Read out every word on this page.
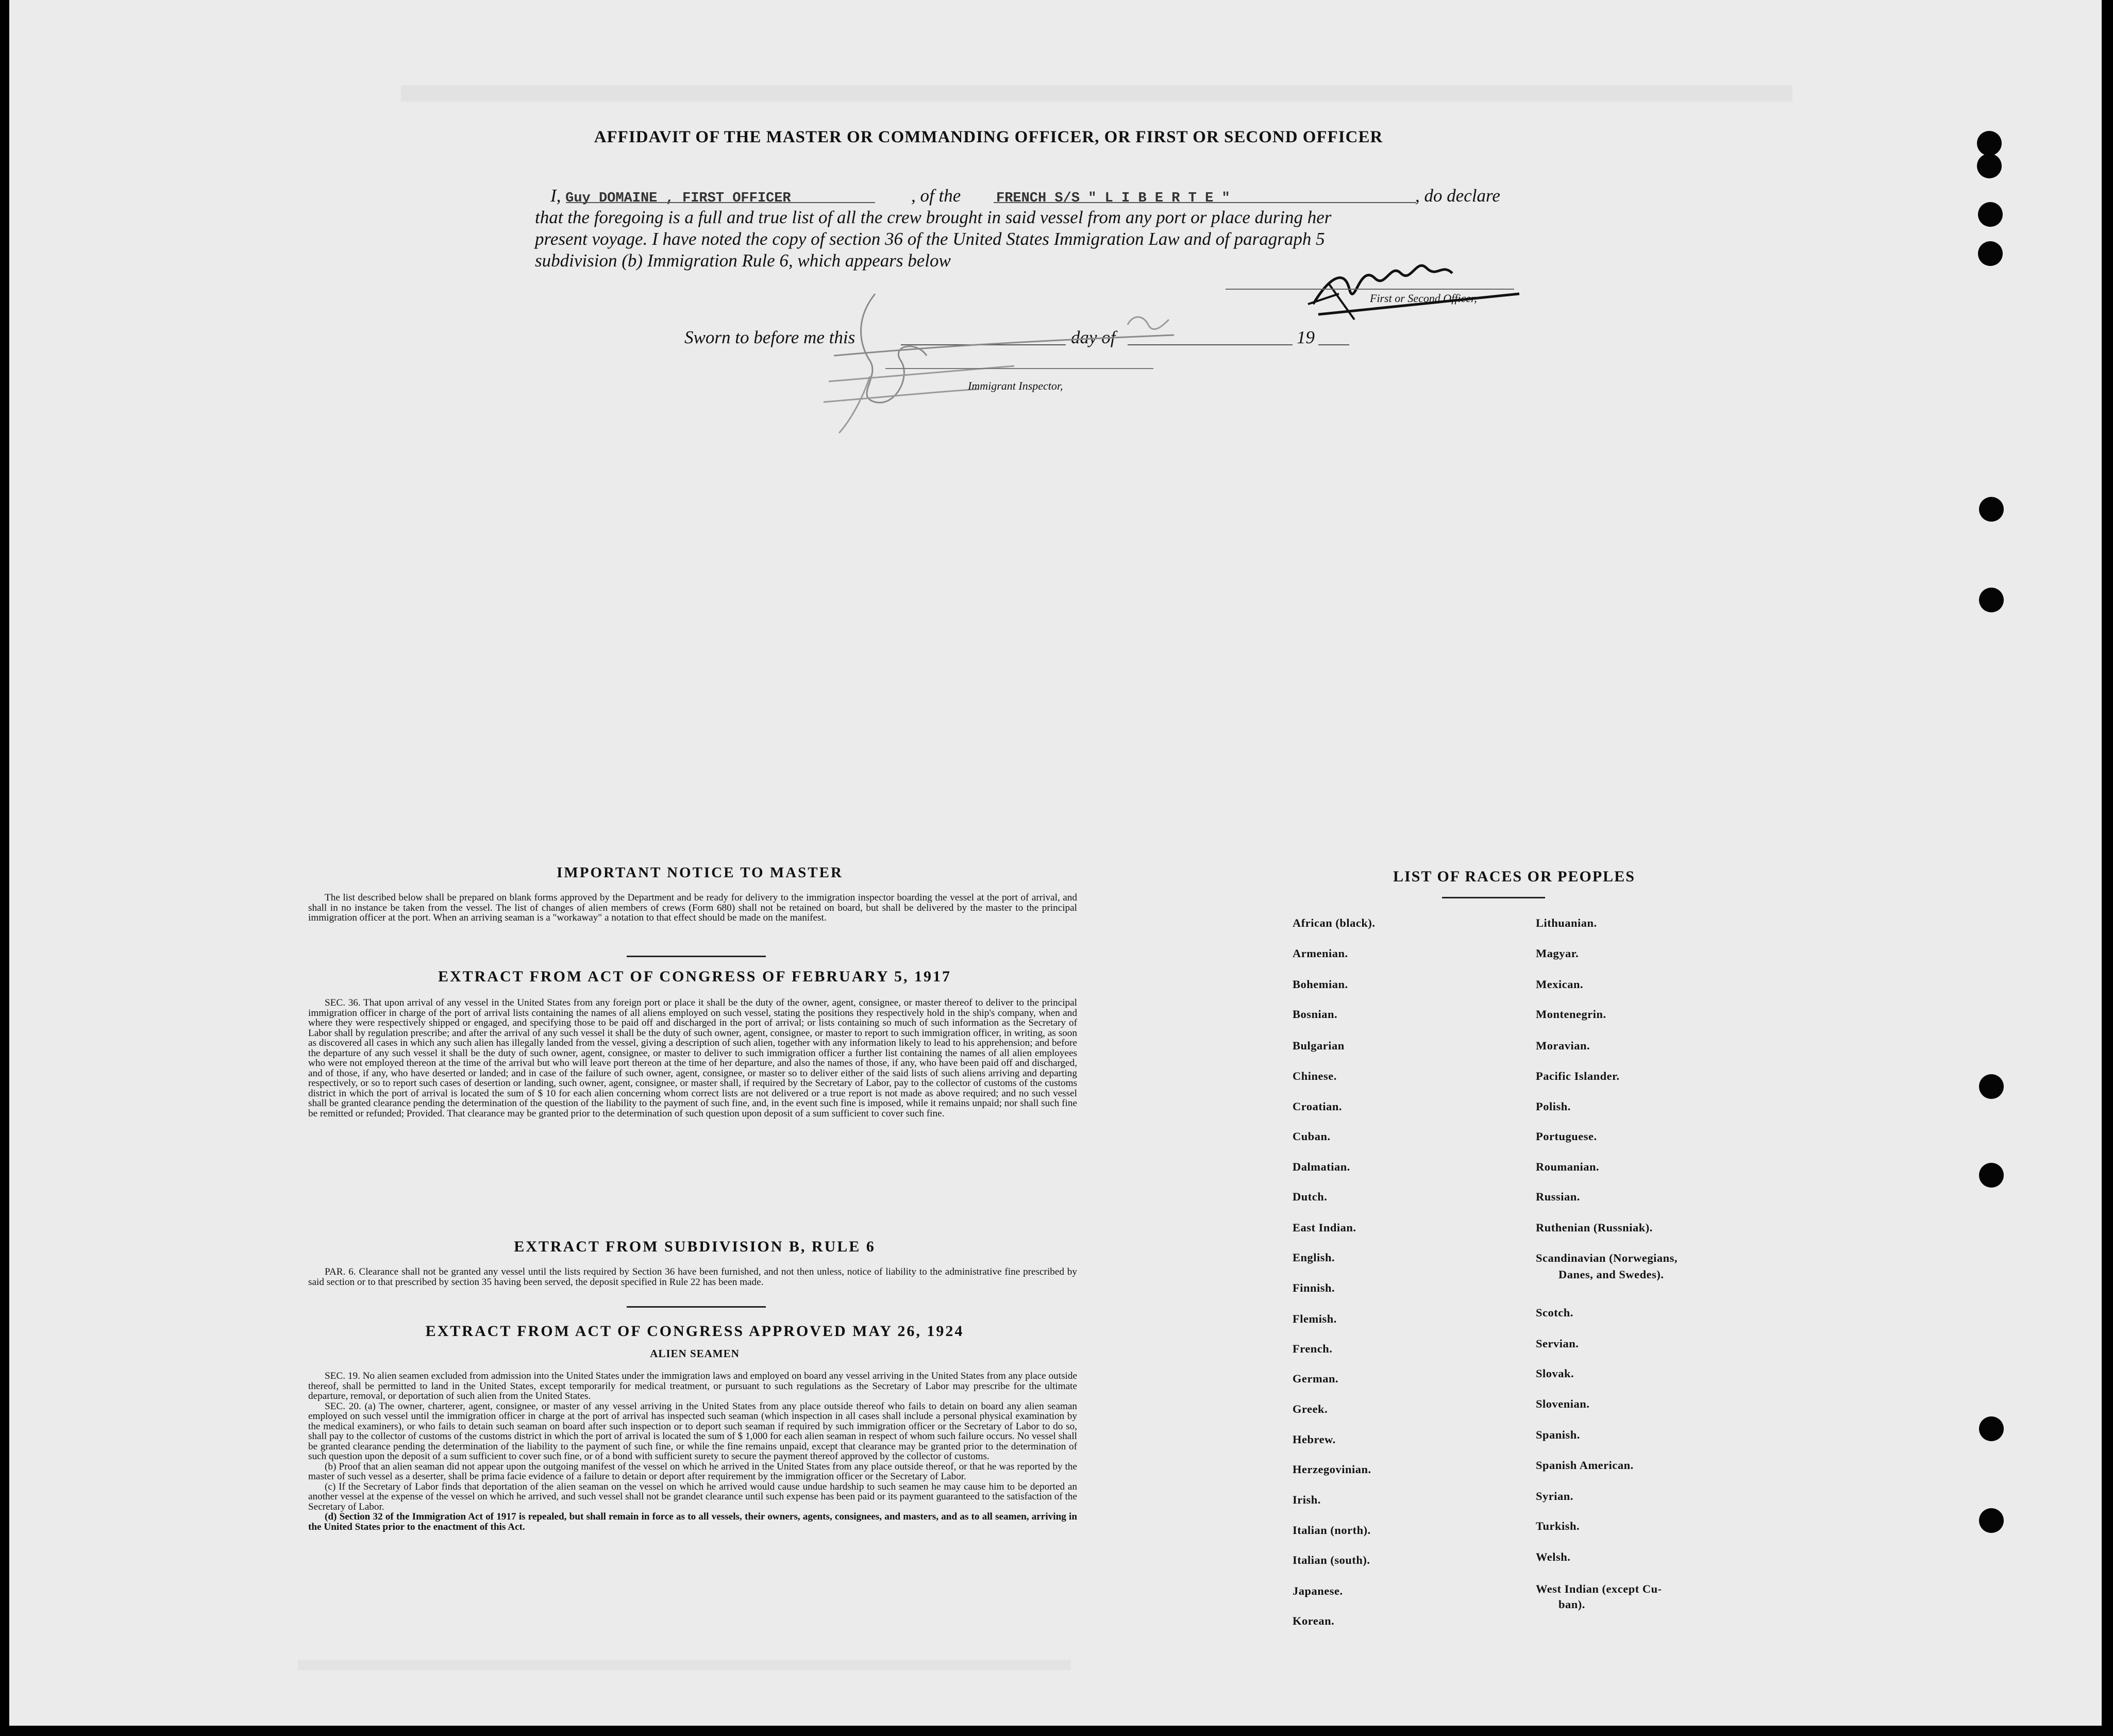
AFFIDAVIT OF THE MASTER OR COMMANDING OFFICER, OR FIRST OR SECOND OFFICER
I, Guy DOMAINE , FIRST OFFICER	, of the	FRENCH S/S " L I B E R T E "	, do declare
that the foregoing is a full and true list of all the crew brought in said vessel from any port or place during her
present voyage. I have noted the copy of section 36 of the United States Immigration Law and of paragraph 5
subdivision (b) Immigration Rule 6, which appears below
First or Second Officer,
Sworn to before me this	day of	19
Immigrant Inspector,
IMPORTANT NOTICE TO MASTER

The list described below shall be prepared on blank forms approved by the Department and be ready for delivery to the immigration inspector boarding the vessel at the port of arrival, and shall in no instance be taken from the vessel. The list of changes of alien members of crews (Form 680) shall not be retained on board, but shall be delivered by the master to the principal immigration officer at the port. When an arriving seaman is a "workaway" a notation to that effect should be made on the manifest.

EXTRACT FROM ACT OF CONGRESS OF FEBRUARY 5, 1917

SEC. 36. That upon arrival of any vessel in the United States from any foreign port or place it shall be the duty of the owner, agent, consignee, or master thereof to deliver to the principal immigration officer in charge of the port of arrival lists containing the names of all aliens employed on such vessel, stating the positions they respectively hold in the ship's company, when and where they were respectively shipped or engaged, and specifying those to be paid off and discharged in the port of arrival; or lists containing so much of such information as the Secretary of Labor shall by regulation prescribe; and after the arrival of any such vessel it shall be the duty of such owner, agent, consignee, or master to report to such immigration officer, in writing, as soon as discovered all cases in which any such alien has illegally landed from the vessel, giving a description of such alien, together with any information likely to lead to his apprehension; and before the departure of any such vessel it shall be the duty of such owner, agent, consignee, or master to deliver to such immigration officer a further list containing the names of all alien employees who were not employed thereon at the time of the arrival but who will leave port thereon at the time of her departure, and also the names of those, if any, who have been paid off and discharged, and of those, if any, who have deserted or landed; and in case of the failure of such owner, agent, consignee, or master so to deliver either of the said lists of such aliens arriving and departing respectively, or so to report such cases of desertion or landing, such owner, agent, consignee, or master shall, if required by the Secretary of Labor, pay to the collector of customs of the customs district in which the port of arrival is located the sum of $ 10 for each alien concerning whom correct lists are not delivered or a true report is not made as above required; and no such vessel shall be granted clearance pending the determination of the question of the liability to the payment of such fine, and, in the event such fine is imposed, while it remains unpaid; nor shall such fine be remitted or refunded; Provided. That clearance may be granted prior to the determination of such question upon deposit of a sum sufficient to cover such fine.

EXTRACT FROM SUBDIVISION B, RULE 6

PAR. 6. Clearance shall not be granted any vessel until the lists required by Section 36 have been furnished, and not then unless, notice of liability to the administrative fine prescribed by said section or to that prescribed by section 35 having been served, the deposit specified in Rule 22 has been made.

EXTRACT FROM ACT OF CONGRESS APPROVED MAY 26, 1924
ALIEN SEAMEN

SEC. 19. No alien seamen excluded from admission into the United States under the immigration laws and employed on board any vessel arriving in the United States from any place outside thereof, shall be permitted to land in the United States, except temporarily for medical treatment, or pursuant to such regulations as the Secretary of Labor may prescribe for the ultimate departure, removal, or deportation of such alien from the United States.

SEC. 20. (a) The owner, charterer, agent, consignee, or master of any vessel arriving in the United States from any place outside thereof who fails to detain on board any alien seaman employed on such vessel until the immigration officer in charge at the port of arrival has inspected such seaman (which inspection in all cases shall include a personal physical examination by the medical examiners), or who fails to detain such seaman on board after such inspection or to deport such seaman if required by such immigration officer or the Secretary of Labor to do so, shall pay to the collector of customs of the customs district in which the port of arrival is located the sum of $ 1,000 for each alien seaman in respect of whom such failure occurs. No vessel shall be granted clearance pending the determination of the liability to the payment of such fine, or while the fine remains unpaid, except that clearance may be granted prior to the determination of such question upon the deposit of a sum sufficient to cover such fine, or of a bond with sufficient surety to secure the payment thereof approved by the collector of customs.

(b) Proof that an alien seaman did not appear upon the outgoing manifest of the vessel on which he arrived in the United States from any place outside thereof, or that he was reported by the master of such vessel as a deserter, shall be prima facie evidence of a failure to detain or deport after requirement by the immigration officer or the Secretary of Labor.

(c) If the Secretary of Labor finds that deportation of the alien seaman on the vessel on which he arrived would cause undue hardship to such seamen he may cause him to be deported an another vessel at the expense of the vessel on which he arrived, and such vessel shall not be grandet clearance until such expense has been paid or its payment guaranteed to the satisfaction of the Secretary of Labor.

(d) Section 32 of the Immigration Act of 1917 is repealed, but shall remain in force as to all vessels, their owners, agents, consignees, and masters, and as to all seamen, arriving in the United States prior to the enactment of this Act.

LIST OF RACES OR PEOPLES
African (black).
Armenian.
Bohemian.
Bosnian.
Bulgarian
Chinese.
Croatian.
Cuban.
Dalmatian.
Dutch.
East Indian.
English.
Finnish.
Flemish.
French.
German.
Greek.
Hebrew.
Herzegovinian.
Irish.
Italian (north).
Italian (south).
Japanese.
Korean.
Lithuanian.
Magyar.
Mexican.
Montenegrin.
Moravian.
Pacific Islander.
Polish.
Portuguese.
Roumanian.
Russian.
Ruthenian (Russniak).
Scandinavian (Norwegians,
Danes, and Swedes).
Scotch.
Servian.
Slovak.
Slovenian.
Spanish.
Spanish American.
Syrian.
Turkish.
Welsh.
West Indian (except Cu-
ban).
